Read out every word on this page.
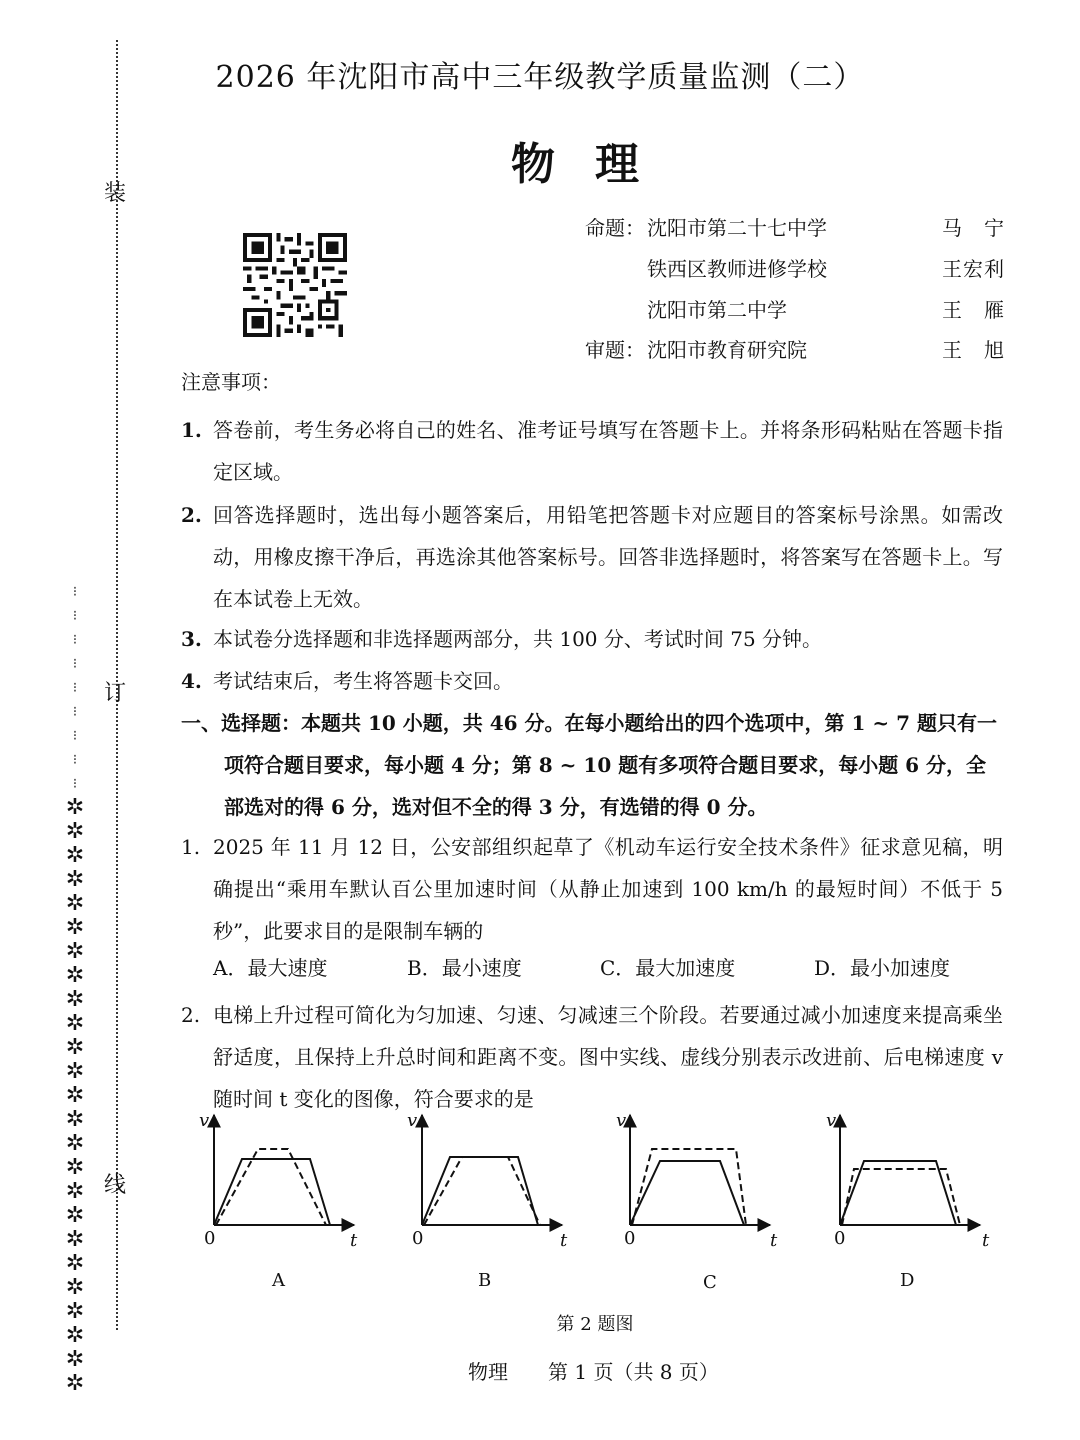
装
订
线
⁝
⁝
⁝
⁝
⁝
⁝
⁝
⁝
⁝
✲
✲
✲
✲
✲
✲
✲
✲
✲
✲
✲
✲
✲
✲
✲
✲
✲
✲
✲
✲
✲
✲
✲
✲
✲
2026 年沈阳市高中三年级教学质量监测（二）
物理
命题： 沈阳市第二十七中学	马　宁
铁西区教师进修学校	王宏利
沈阳市第二中学	王　雁
审题： 沈阳市教育研究院	王　旭
注意事项：
1. 答卷前，考生务必将自己的姓名、准考证号填写在答题卡上。并将条形码粘贴在答题卡指定区域。
2. 回答选择题时，选出每小题答案后，用铅笔把答题卡对应题目的答案标号涂黑。如需改动，用橡皮擦干净后，再选涂其他答案标号。回答非选择题时，将答案写在答题卡上。写在本试卷上无效。
3. 本试卷分选择题和非选择题两部分，共 100 分、考试时间 75 分钟。
4. 考试结束后，考生将答题卡交回。
一、选择题：本题共 10 小题，共 46 分。在每小题给出的四个选项中，第 1 ~ 7 题只有一项符合题目要求，每小题 4 分；第 8 ~ 10 题有多项符合题目要求，每小题 6 分，全部选对的得 6 分，选对但不全的得 3 分，有选错的得 0 分。
1. 2025 年 11 月 12 日，公安部组织起草了《机动车运行安全技术条件》征求意见稿，明确提出“乘用车默认百公里加速时间（从静止加速到 100 km/h 的最短时间）不低于 5 秒”，此要求目的是限制车辆的
A．最大速度	B．最小速度	C．最大加速度	D．最小加速度
2. 电梯上升过程可简化为匀加速、匀速、匀减速三个阶段。若要通过减小加速度来提高乘坐舒适度，且保持上升总时间和距离不变。图中实线、虚线分别表示改进前、后电梯速度 v 随时间 t 变化的图像，符合要求的是
v
0	t
A
v
0	t
B
v
0	t
C
v
0	t
D
第 2 题图
物理　　第 1 页（共 8 页）
